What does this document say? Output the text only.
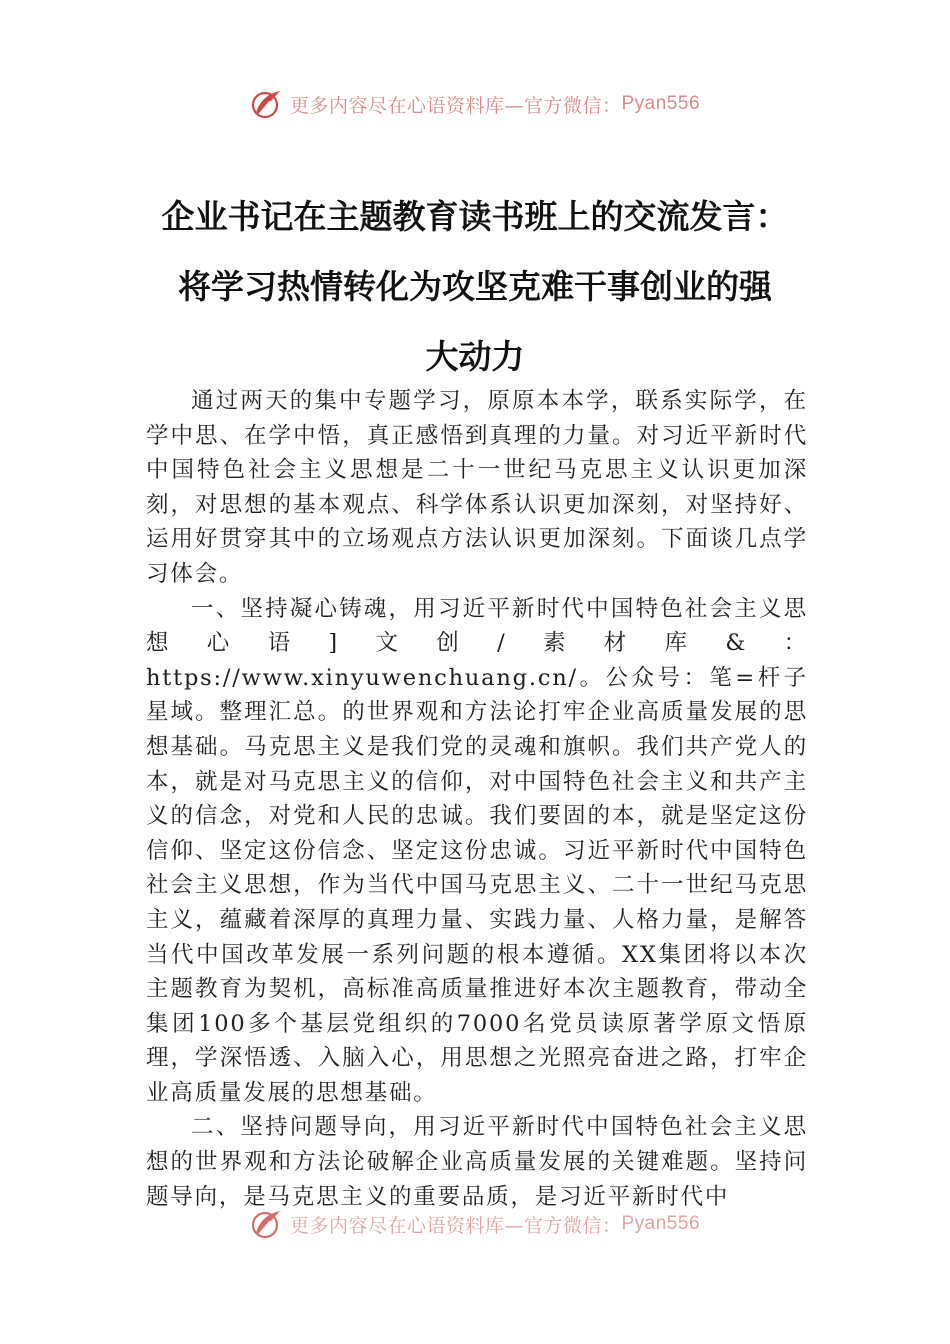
更多内容尽在心语资料库—官方微信： Pyan556
企业书记在主题教育读书班上的交流发言：
将学习热情转化为攻坚克难干事创业的强
大动力

通过两天的集中专题学习，原原本本学，联系实际学，在学中思、在学中悟，真正感悟到真理的力量。对习近平新时代中国特色社会主义思想是二十一世纪马克思主义认识更加深刻，对思想的基本观点、科学体系认识更加深刻，对坚持好、运用好贯穿其中的立场观点方法认识更加深刻。下面谈几点学习体会。

一、坚持凝心铸魂，用习近平新时代中国特色社会主义思想心语]文创/素材库&：https://www.xinyuwenchuang.cn/。公众号：笔=杆子星域。整理汇总。的世界观和方法论打牢企业高质量发展的思想基础。马克思主义是我们党的灵魂和旗帜。我们共产党人的本，就是对马克思主义的信仰，对中国特色社会主义和共产主义的信念，对党和人民的忠诚。我们要固的本，就是坚定这份信仰、坚定这份信念、坚定这份忠诚。习近平新时代中国特色社会主义思想，作为当代中国马克思主义、二十一世纪马克思主义，蕴藏着深厚的真理力量、实践力量、人格力量，是解答当代中国改革发展一系列问题的根本遵循。XX集团将以本次主题教育为契机，高标准高质量推进好本次主题教育，带动全集团100多个基层党组织的7000名党员读原著学原文悟原理，学深悟透、入脑入心，用思想之光照亮奋进之路，打牢企业高质量发展的思想基础。

二、坚持问题导向，用习近平新时代中国特色社会主义思想的世界观和方法论破解企业高质量发展的关键难题。坚持问题导向，是马克思主义的重要品质，是习近平新时代中

更多内容尽在心语资料库—官方微信： Pyan556
